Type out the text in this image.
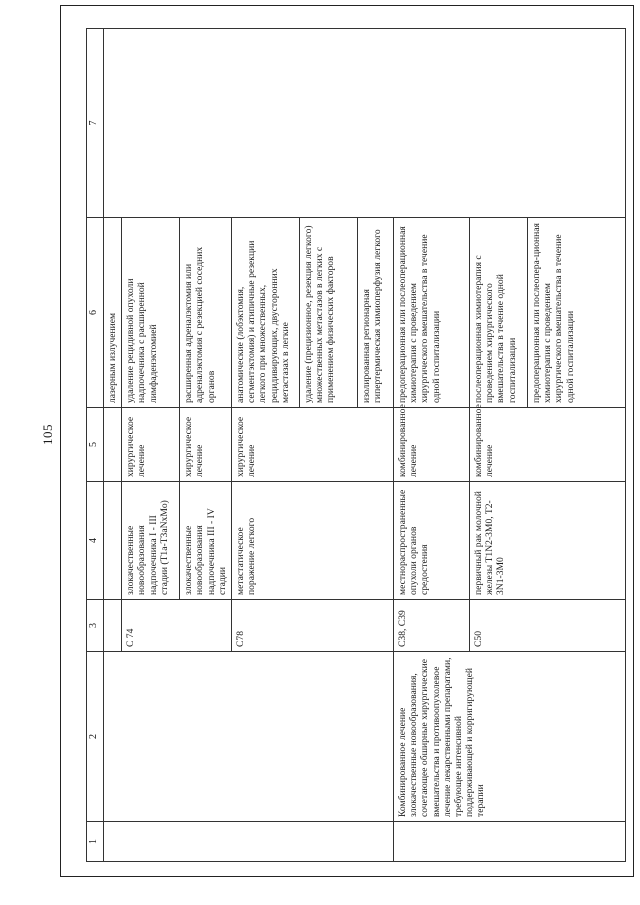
105
1	2	3	4	5	6	7
					лазерным излучением	
		С 74	злокачественные новообразования надпочечника I - III стадии (T1a-T3aNxMo)	хирургическое лечение	удаление рецидивной опухоли надпочечника с расширенной лимфаденэктомией	
			злокачественные новообразования надпочечника III - IV стадии	хирургическое лечение	расширенная адреналэктомия или адреналэктомия с резекцией соседних органов	
		С78	метастатическое поражение легкого	хирургическое лечение	анатомические (лобэктомия, сегментэктомия) и атипичные резекции легкого при множественных, рецидивирующих, двусторонних метастазах в легкие	
					удаление (прецизионное, резекция легкого) множественных метастазов в легких с применением физических факторов	
					изолированная регионарная гипертермическая химиоперфузия легкого	
	Комбинированное лечение злокачественные новообразования, сочетающее обширные хирургические вмешательства и противоопухолевое лечение лекарственными препаратами, требующее интенсивной поддерживающей и корригирующей терапии	С38, С39	местнораспространенные опухоли органов средостения	комбинированное лечение	предоперационная или послеоперационная химиотерапия с проведением хирургического вмешательства в течение одной госпитализации	
		С50	первичный рак молочной железы T1N2-3M0, T2-3N1-3M0	комбинированное лечение	послеоперационная химиотерапия с проведением хирургического вмешательства в течение одной госпитализации	
					предоперационная или послеопера-ционная химиотерапия с проведением хирургического вмешательства в течение одной госпитализации	
